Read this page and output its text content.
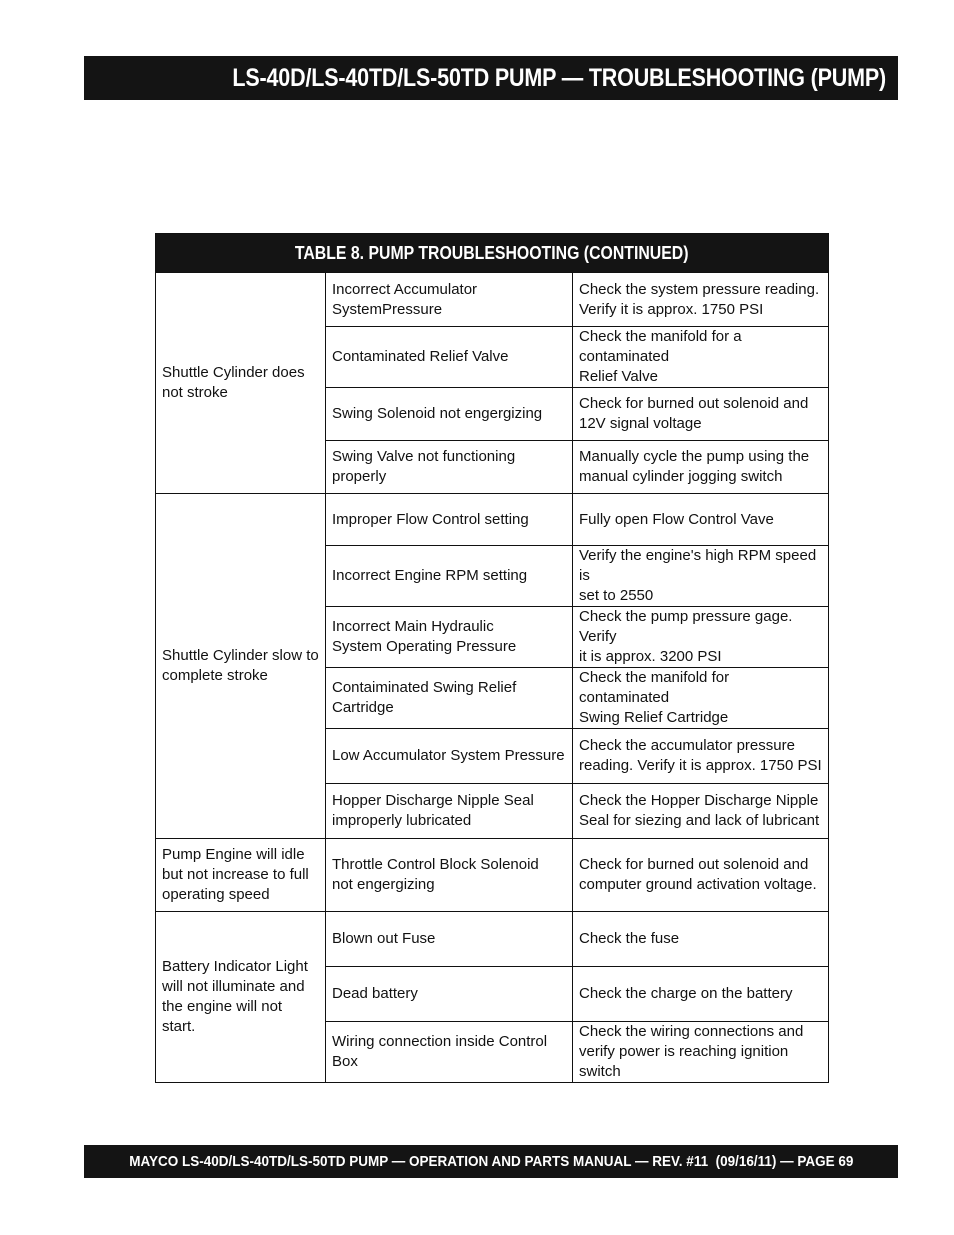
LS-40D/LS-40TD/LS-50TD PUMP — TROUBLESHOOTING (PUMP)
TABLE 8. PUMP TROUBLESHOOTING (CONTINUED)		

Shuttle Cylinder does
not stroke	Incorrect Accumulator
SystemPressure	Check the system pressure reading.
Verify it is approx. 1750 PSI

	Contaminated Relief Valve	Check the manifold for a contaminated
Relief Valve

	Swing Solenoid not engergizing	Check for burned out solenoid and
12V signal voltage

	Swing Valve not functioning properly	Manually cycle the pump using the
manual cylinder jogging switch

Shuttle Cylinder slow to
complete stroke	Improper Flow Control setting	Fully open Flow Control Vave

	Incorrect Engine RPM setting	Verify the engine's high RPM speed is
set to 2550

	Incorrect Main Hydraulic
System Operating Pressure	Check the pump pressure gage. Verify
it is approx. 3200 PSI

	Contaiminated Swing Relief
Cartridge	Check the manifold for contaminated
Swing Relief Cartridge

	Low Accumulator System Pressure	Check the accumulator pressure
reading. Verify it is approx. 1750 PSI

	Hopper Discharge Nipple Seal
improperly lubricated	Check the Hopper Discharge Nipple
Seal for siezing and lack of lubricant

Pump Engine will idle
but not increase to full
operating speed	Throttle Control Block Solenoid
not engergizing	Check for burned out solenoid and
computer ground activation voltage.

Battery Indicator Light
will not illuminate and
the engine will not start.	Blown out Fuse	Check the fuse

	Dead battery	Check the charge on the battery

	Wiring connection inside Control Box	Check the wiring connections and
verify power is reaching ignition switch
MAYCO LS-40D/LS-40TD/LS-50TD PUMP — OPERATION AND PARTS MANUAL — REV. #11  (09/16/11) — PAGE 69
